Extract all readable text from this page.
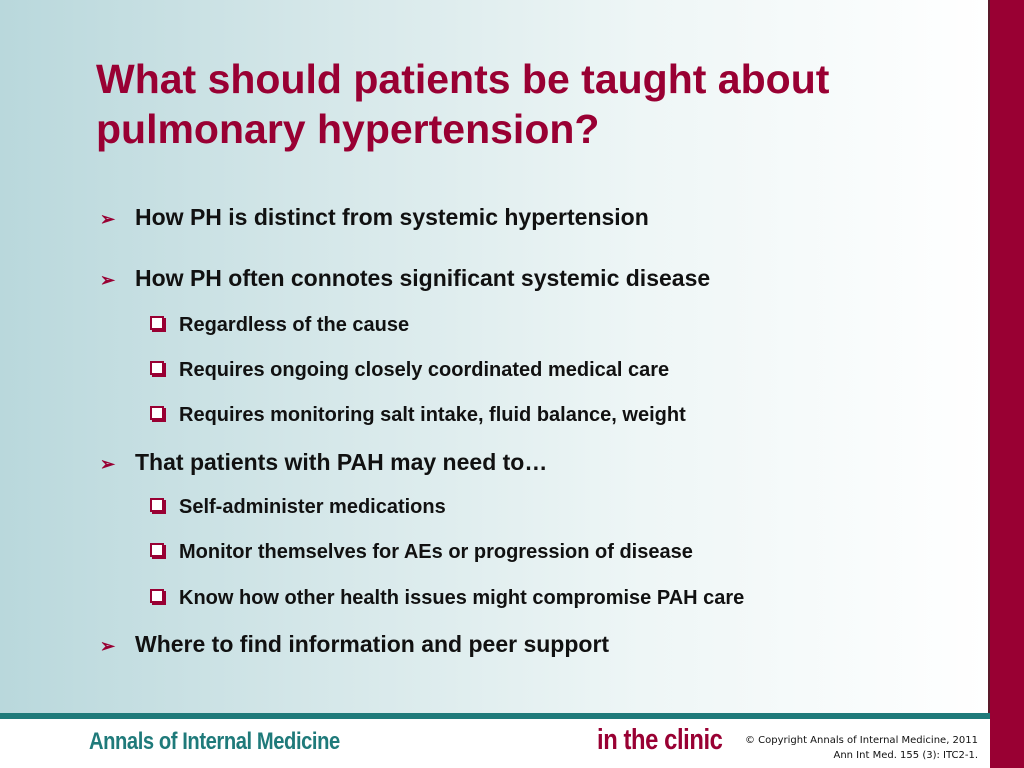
What should patients be taught about pulmonary hypertension?
➢ How PH is distinct from systemic hypertension
➢ How PH often connotes significant systemic disease
Regardless of the cause
Requires ongoing closely coordinated medical care
Requires monitoring salt intake, fluid balance, weight
➢ That patients with PAH may need to…
Self-administer medications
Monitor themselves for AEs or progression of disease
Know how other health issues might compromise PAH care
➢ Where to find information and peer support
Annals of Internal Medicine	in the clinic © Copyright Annals of Internal Medicine, 2011
Ann Int Med. 155 (3): ITC2-1.
